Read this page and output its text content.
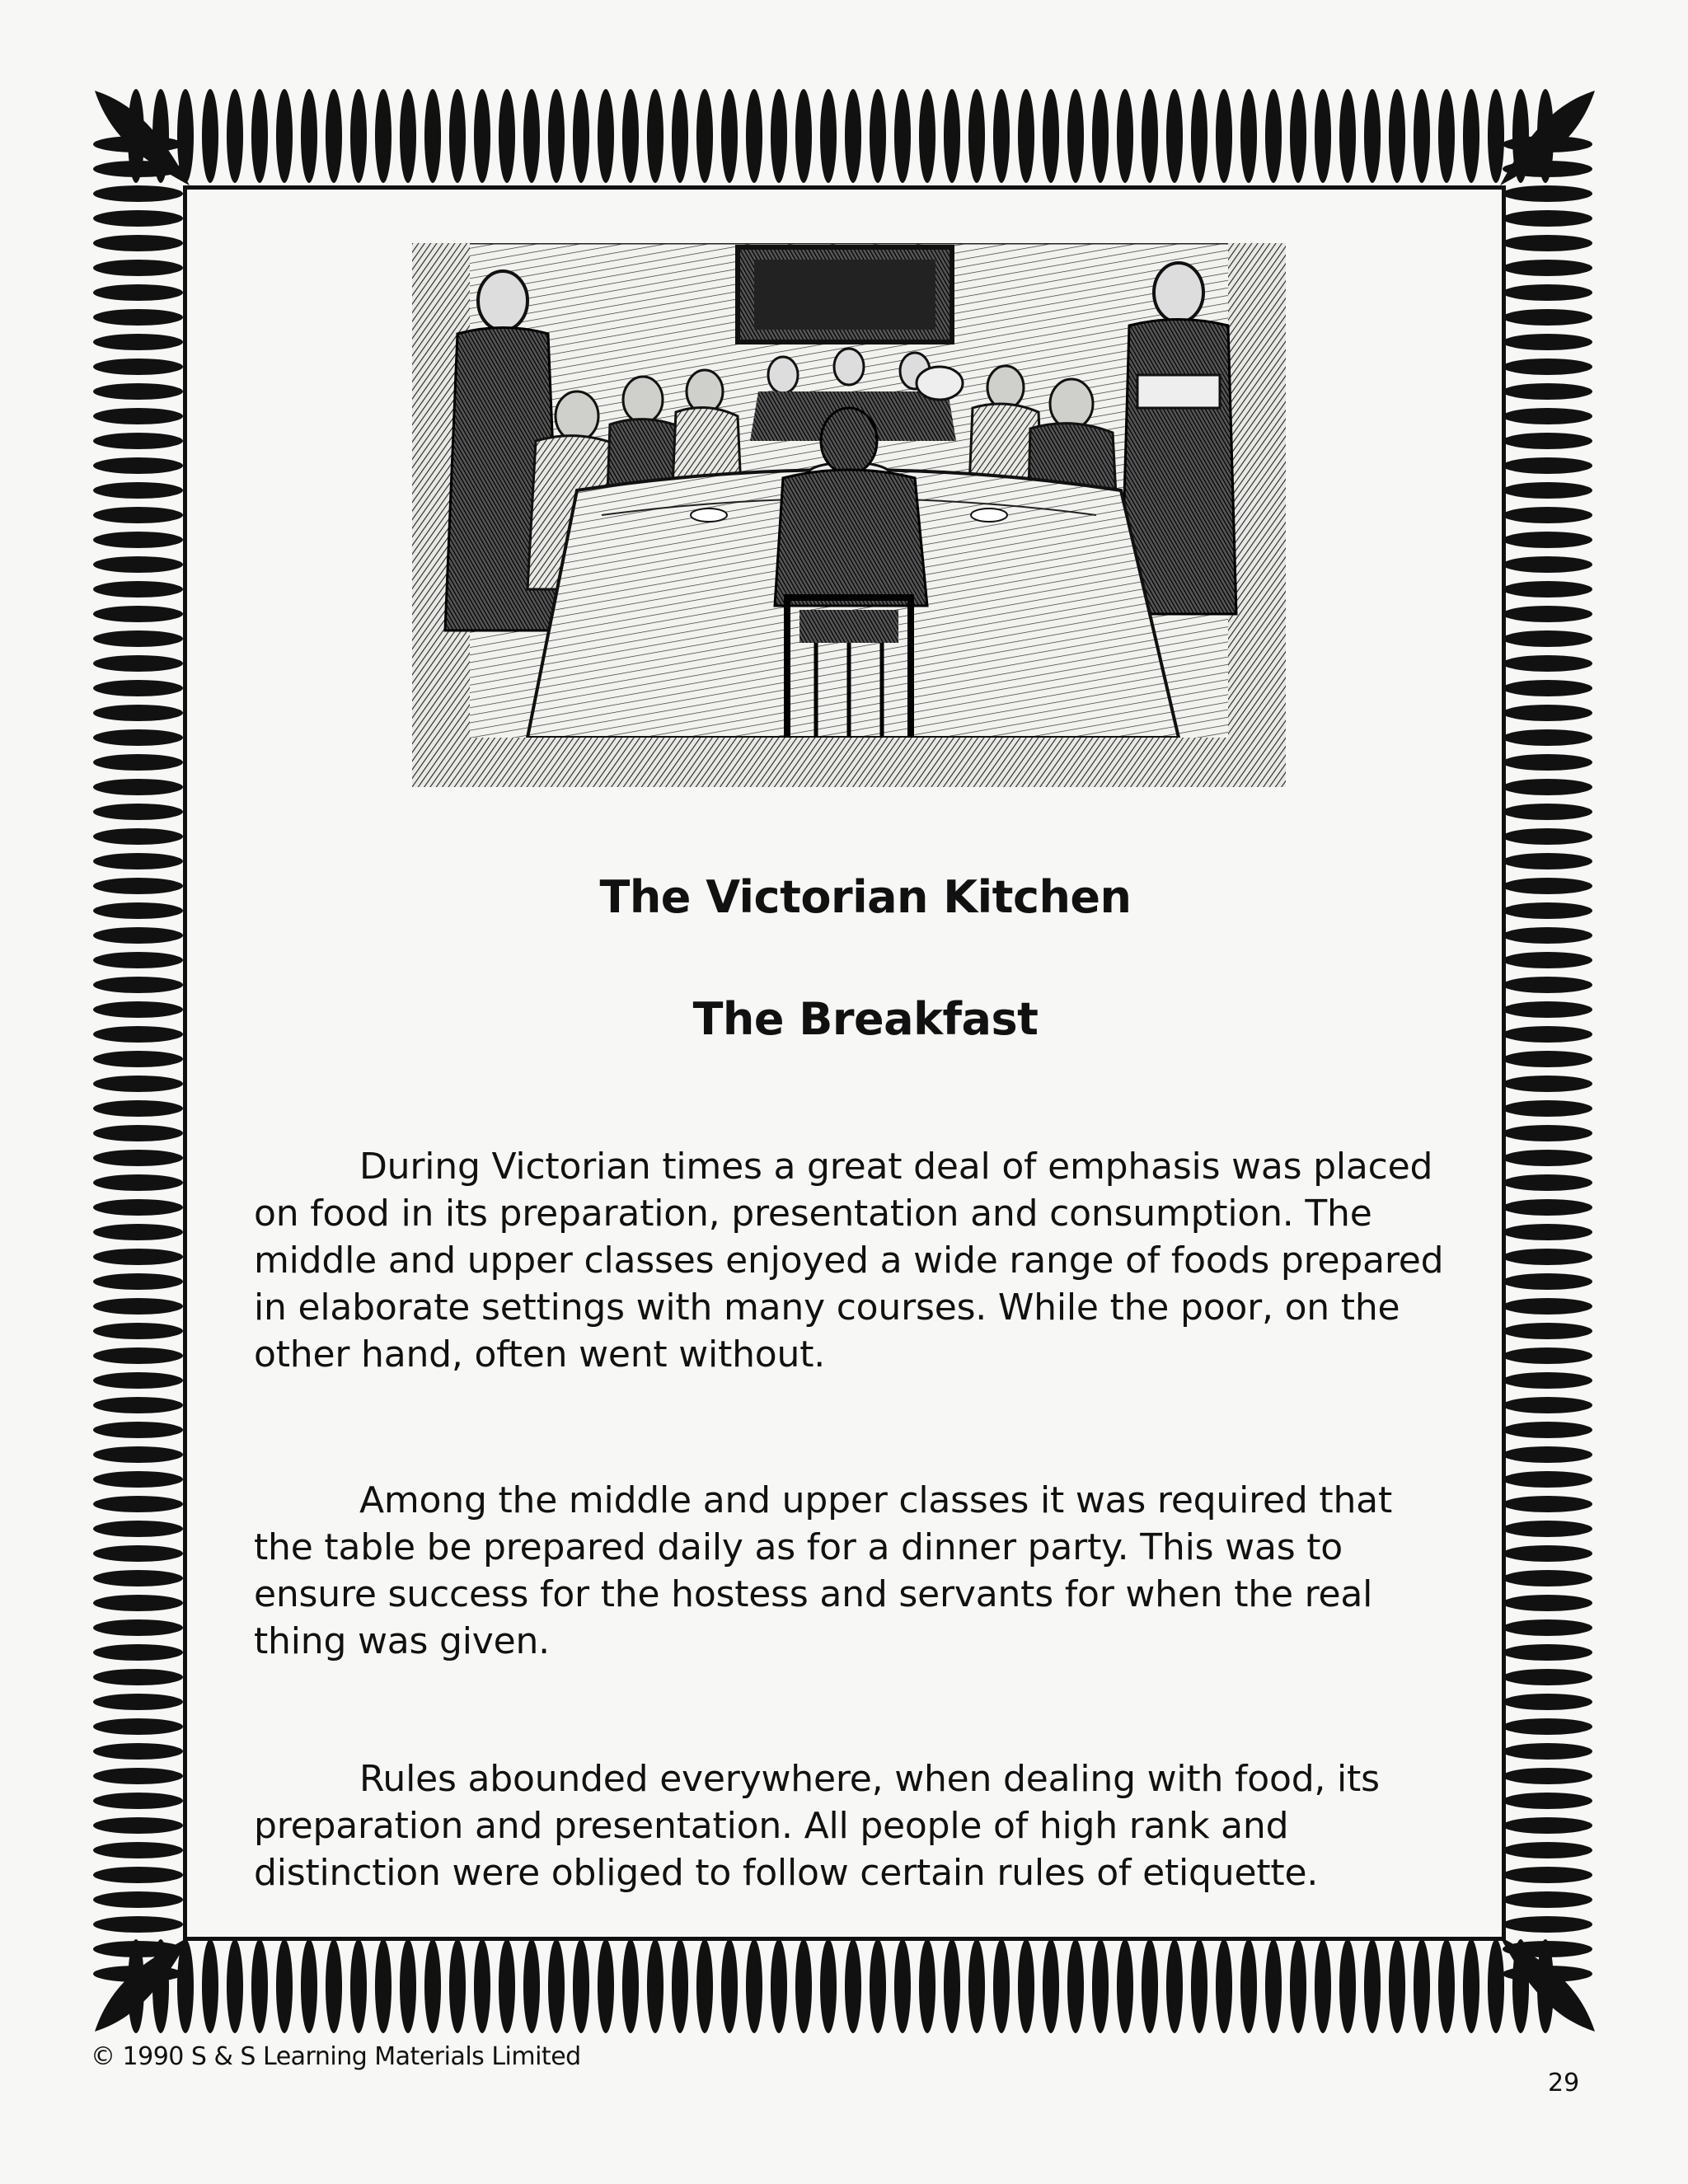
The Victorian Kitchen
The Breakfast

During Victorian times a great deal of emphasis was placed on food in its preparation, presentation and consumption. The middle and upper classes enjoyed a wide range of foods prepared in elaborate settings with many courses. While the poor, on the other hand, often went without.

Among the middle and upper classes it was required that the table be prepared daily as for a dinner party. This was to ensure success for the hostess and servants for when the real thing was given.

Rules abounded everywhere, when dealing with food, its preparation and presentation. All people of high rank and distinction were obliged to follow certain rules of etiquette.

© 1990 S & S Learning Materials Limited
29
